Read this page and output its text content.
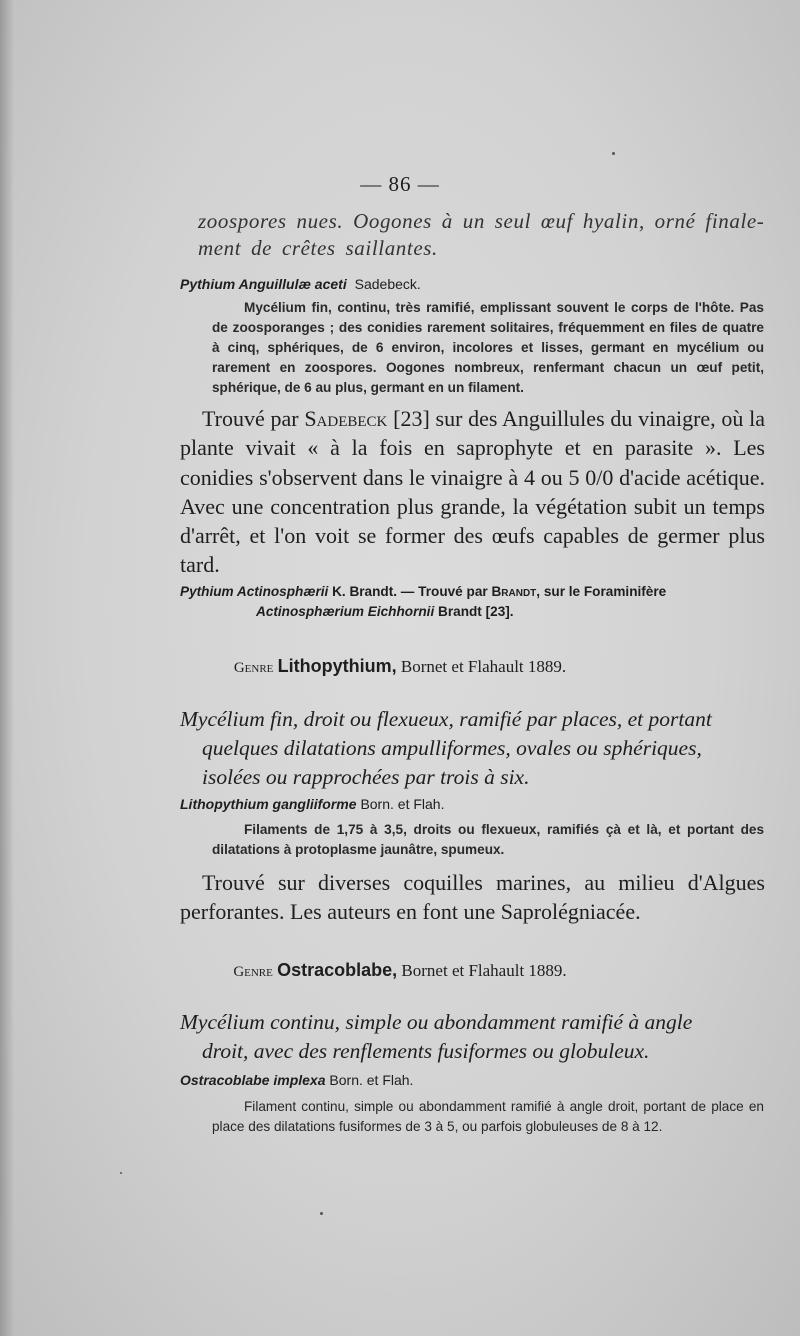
— 86 —
zoospores nues. Oogones à un seul œuf hyalin, orné finale-
ment de crêtes saillantes.
Pythium Anguillulæ aceti Sadebeck.

Mycélium fin, continu, très ramifié, emplissant souvent le corps de l'hôte. Pas de zoosporanges ; des conidies rarement solitaires, fréquemment en files de quatre à cinq, sphériques, de 6 environ, incolores et lisses, germant en mycélium ou rarement en zoospores. Oogones nombreux, renfermant chacun un œuf petit, sphérique, de 6 au plus, germant en un filament.

Trouvé par Sadebeck [23] sur des Anguillules du vinaigre, où la plante vivait « à la fois en saprophyte et en parasite ». Les conidies s'observent dans le vinaigre à 4 ou 5 0/0 d'acide acétique. Avec une concentration plus grande, la végétation subit un temps d'arrêt, et l'on voit se former des œufs capables de germer plus tard.

Pythium Actinosphærii K. Brandt. — Trouvé par Brandt, sur le Foraminifère
Actinosphærium Eichhornii Brandt [23].
Genre Lithopythium, Bornet et Flahault 1889.
Mycélium fin, droit ou flexueux, ramifié par places, et portant
quelques dilatations ampulliformes, ovales ou sphériques,
isolées ou rapprochées par trois à six.
Lithopythium gangliiforme Born. et Flah.

Filaments de 1,75 à 3,5, droits ou flexueux, ramifiés çà et là, et portant des dilatations à protoplasme jaunâtre, spumeux.

Trouvé sur diverses coquilles marines, au milieu d'Algues perforantes. Les auteurs en font une Saprolégniacée.

Genre Ostracoblabe, Bornet et Flahault 1889.
Mycélium continu, simple ou abondamment ramifié à angle
droit, avec des renflements fusiformes ou globuleux.
Ostracoblabe implexa Born. et Flah.

Filament continu, simple ou abondamment ramifié à angle droit, portant de place en place des dilatations fusiformes de 3 à 5, ou parfois globuleuses de 8 à 12.
